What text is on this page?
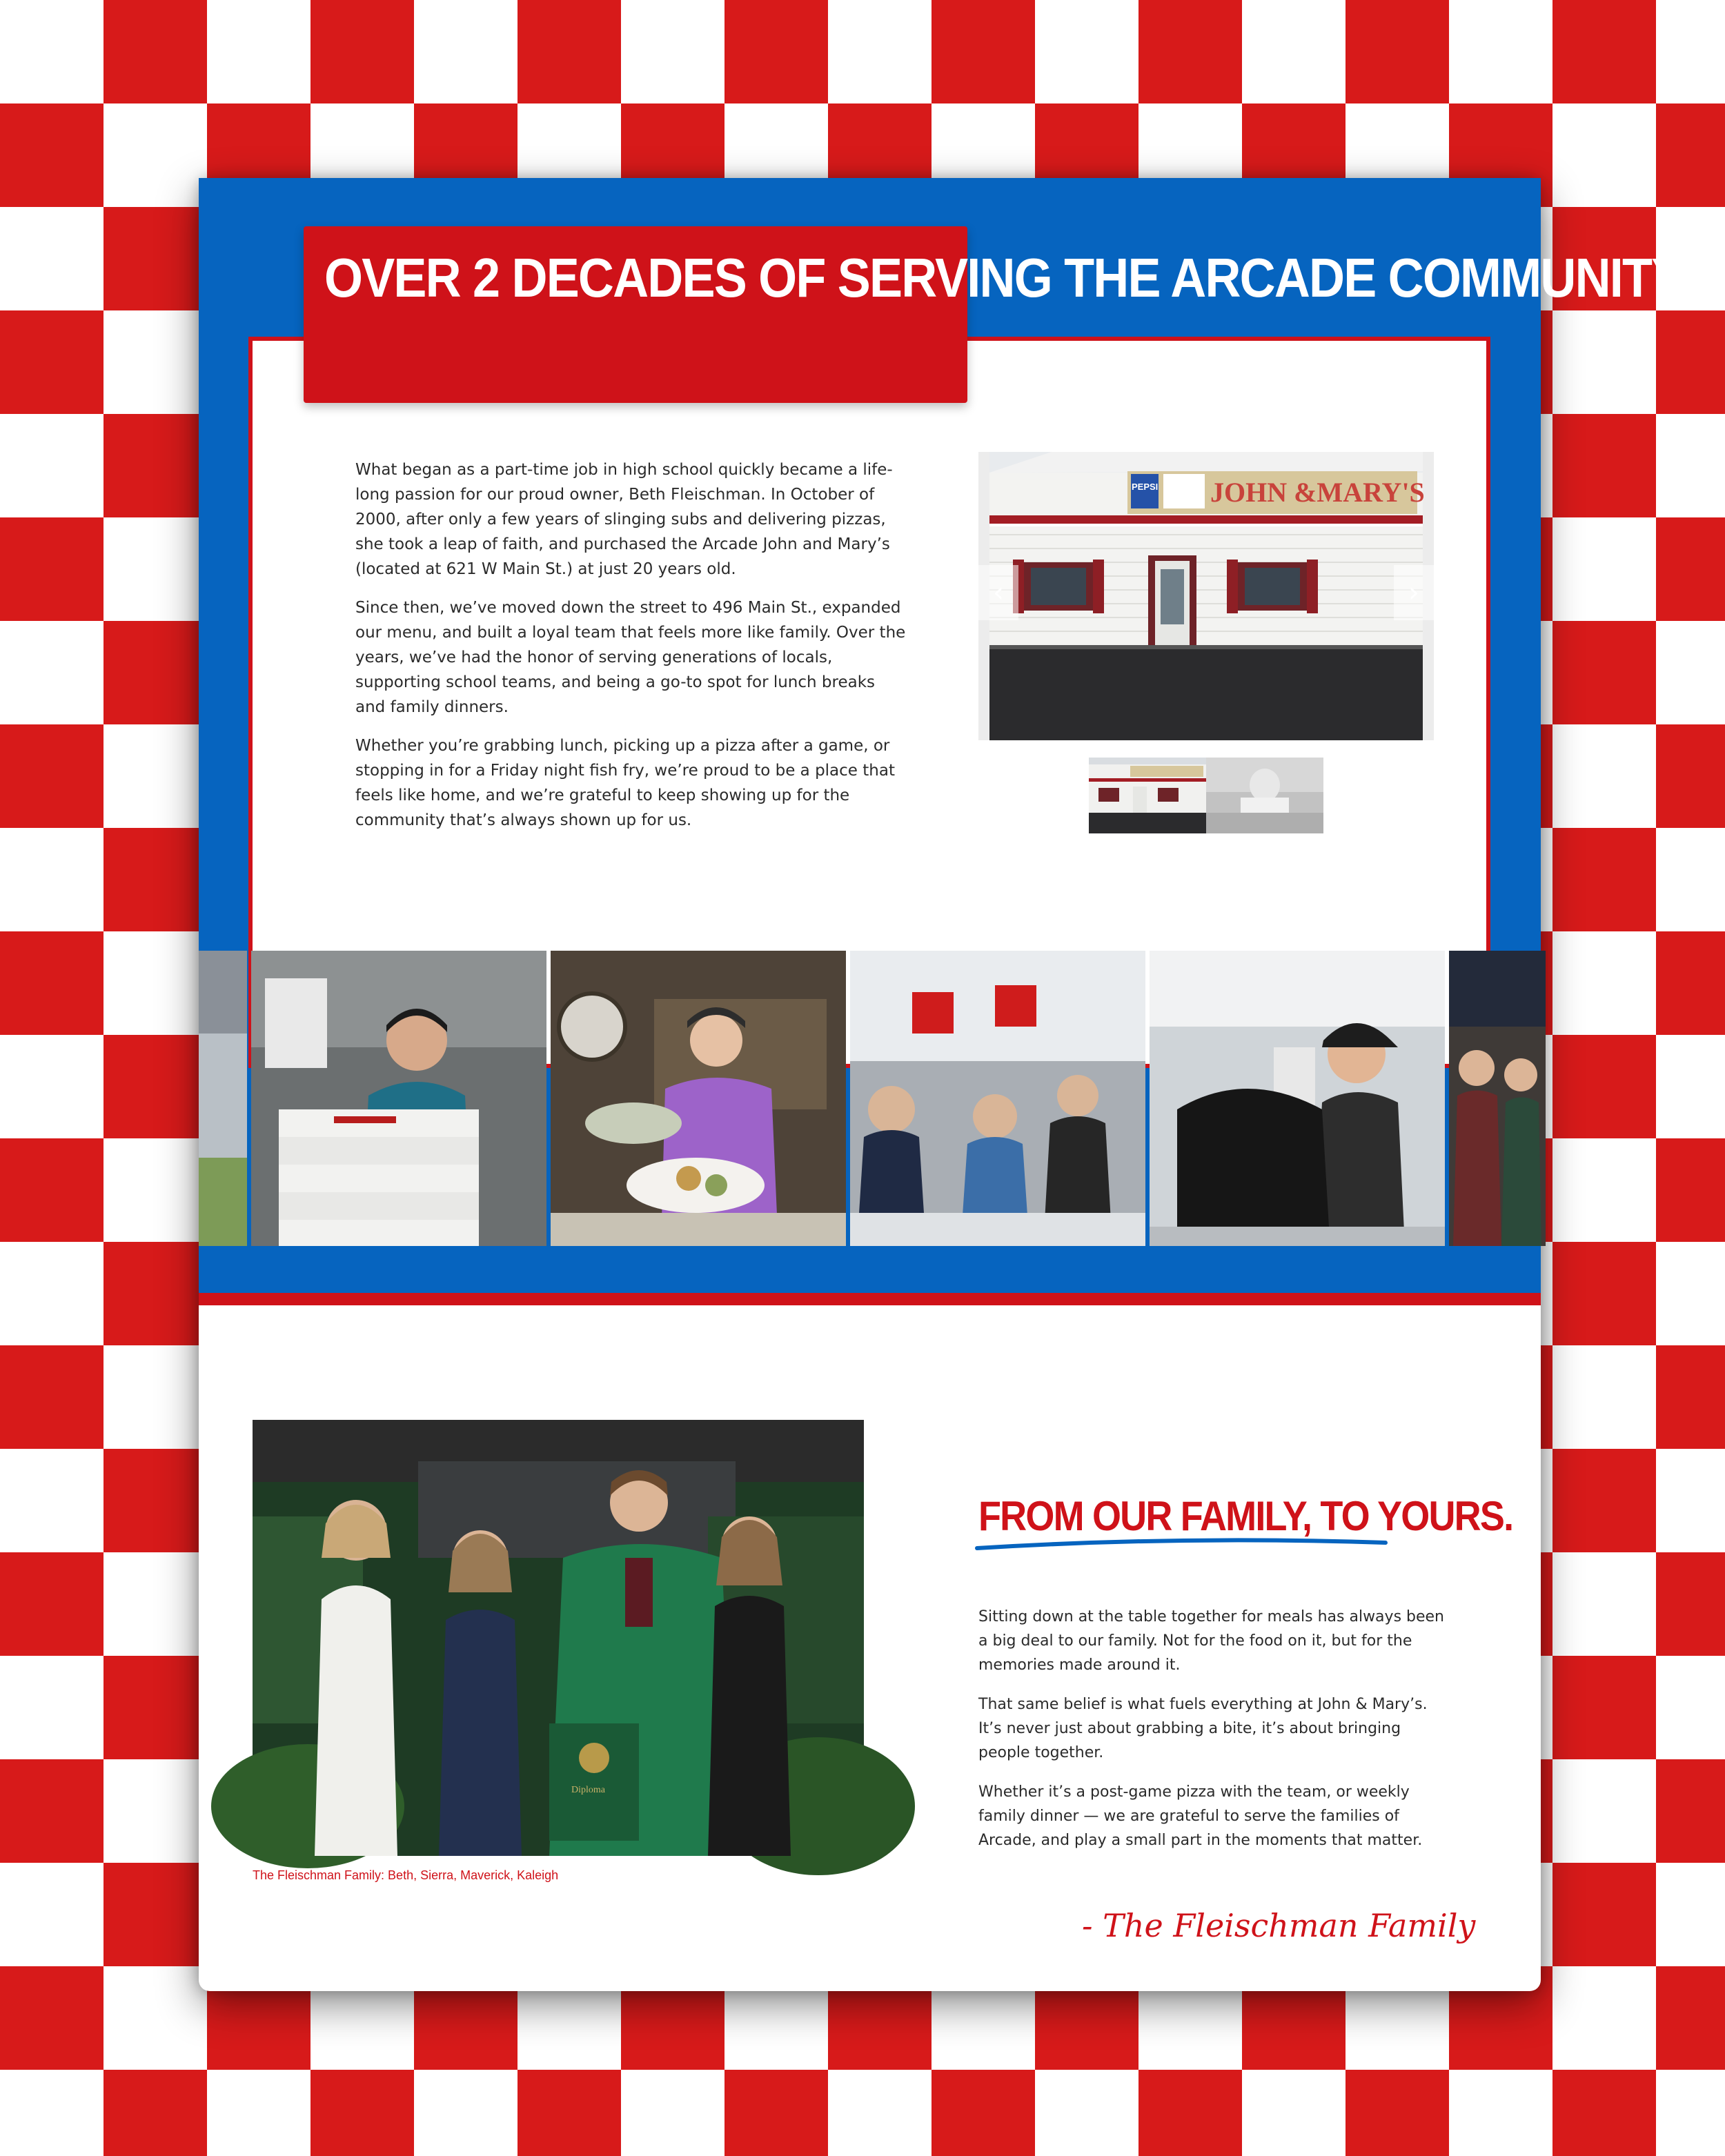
OVER 2 DECADES OF SERVING THE ARCADE COMMUNITY

What began as a part-time job in high school quickly became a life-long passion for our proud owner, Beth Fleischman. In October of 2000, after only a few years of slinging subs and delivering pizzas, she took a leap of faith, and purchased the Arcade John and Mary’s (located at 621 W Main St.) at just 20 years old.

Since then, we’ve moved down the street to 496 Main St., expanded our menu, and built a loyal team that feels more like family. Over the years, we’ve had the honor of serving generations of locals, supporting school teams, and being a go-to spot for lunch breaks and family dinners.

Whether you’re grabbing lunch, picking up a pizza after a game, or stopping in for a Friday night fish fry, we’re proud to be a place that feels like home, and we’re grateful to keep showing up for the community that’s always shown up for us.

PEPSI JOHN &MARY'S
‹	›
Diploma
The Fleischman Family: Beth, Sierra, Maverick, Kaleigh
FROM OUR FAMILY, TO YOURS.

Sitting down at the table together for meals has always been a big deal to our family. Not for the food on it, but for the memories made around it.

That same belief is what fuels everything at John & Mary’s. It’s never just about grabbing a bite, it’s about bringing people together.

Whether it’s a post-game pizza with the team, or weekly family dinner — we are grateful to serve the families of Arcade, and play a small part in the moments that matter.

- The Fleischman Family
